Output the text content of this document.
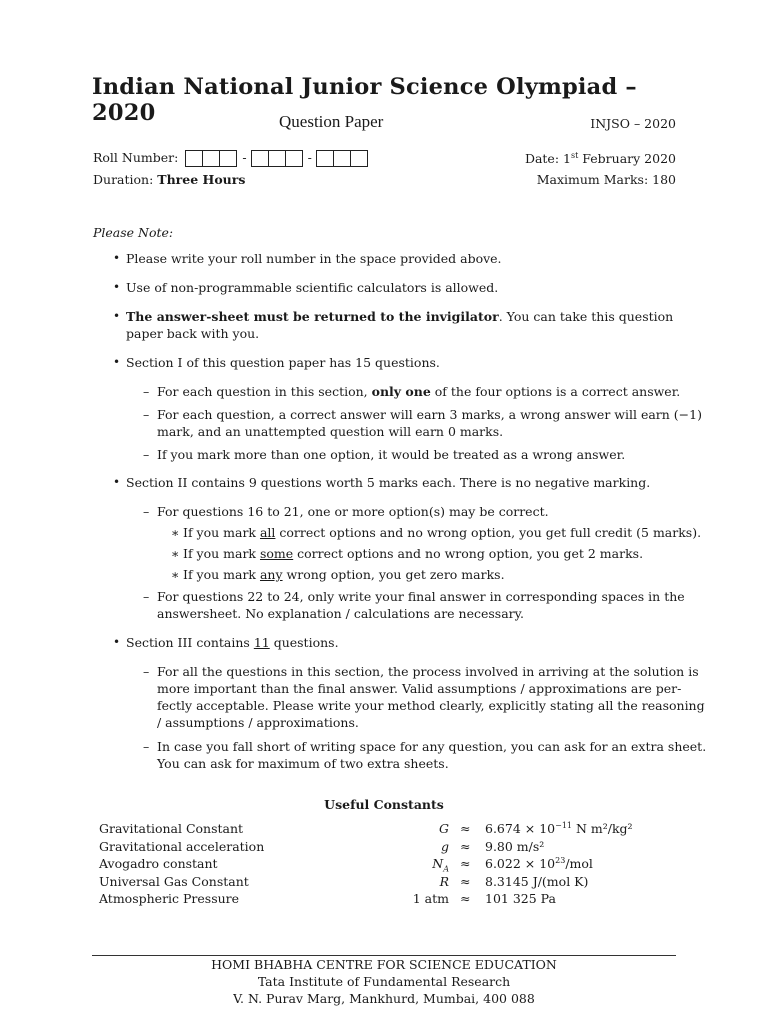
Indian National Junior Science Olympiad – 2020	Question Paper	INJSO – 2020
Roll Number:	-	-	Date: 1st February 2020
Duration: Three Hours	Maximum Marks: 180
Please Note:
• Please write your roll number in the space provided above.
• Use of non-programmable scientific calculators is allowed.
• The answer-sheet must be returned to the invigilator. You can take this question
paper back with you.
• Section I of this question paper has 15 questions.
– For each question in this section, only one of the four options is a correct answer.
– For each question, a correct answer will earn 3 marks, a wrong answer will earn (−1)
mark, and an unattempted question will earn 0 marks.
– If you mark more than one option, it would be treated as a wrong answer.
• Section II contains 9 questions worth 5 marks each. There is no negative marking.
– For questions 16 to 21, one or more option(s) may be correct.
∗ If you mark all correct options and no wrong option, you get full credit (5 marks).
∗ If you mark some correct options and no wrong option, you get 2 marks.
∗ If you mark any wrong option, you get zero marks.
– For questions 22 to 24, only write your final answer in corresponding spaces in the
answersheet. No explanation / calculations are necessary.
• Section III contains 11 questions.
– For all the questions in this section, the process involved in arriving at the solution is
more important than the final answer. Valid assumptions / approximations are per-
fectly acceptable. Please write your method clearly, explicitly stating all the reasoning
/ assumptions / approximations.
– In case you fall short of writing space for any question, you can ask for an extra sheet.
You can ask for maximum of two extra sheets.
Useful Constants
Gravitational Constant	$G \approx 6.674 \times 10^{-11}$ N m²/kg²
Gravitational acceleration	g ≈ 9.80 m/s²
Avogadro constant	$N_A \approx 6.022 \times 10^{23}/mol$
Universal Gas Constant	R ≈ 8.3145 J/(mol K)
Atmospheric Pressure	1 atm ≈ 101 325 Pa
HOMI BHABHA CENTRE FOR SCIENCE EDUCATION
Tata Institute of Fundamental Research
V. N. Purav Marg, Mankhurd, Mumbai, 400 088
